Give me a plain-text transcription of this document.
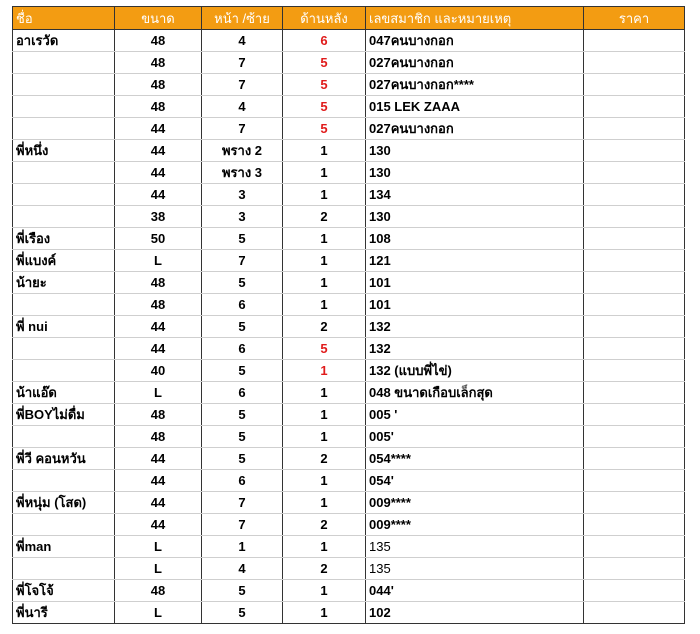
ชื่อ	ขนาด	หน้า /ซ้าย	ด้านหลัง	เลขสมาชิก และหมายเหตุ	ราคา
อาเรวัด	48	4	6	047คนบางกอก	
	48	7	5	027คนบางกอก	
	48	7	5	027คนบางกอก****	
	48	4	5	015 LEK ZAAA	
	44	7	5	027คนบางกอก	
พี่หนึ่ง	44	พราง 2	1	130	
	44	พราง 3	1	130	
	44	3	1	134	
	38	3	2	130	
พี่เรือง	50	5	1	108	
พี่แบงค์	L	7	1	121	
น้ายะ	48	5	1	101	
	48	6	1	101	
พี่ nui	44	5	2	132	
	44	6	5	132	
	40	5	1	132 (แบบพี่ไข่)	
น้าแอ๊ด	L	6	1	048 ขนาดเกือบเล็กสุด	
พี่BOYไม่ดื่ม	48	5	1	005 '	
	48	5	1	005'	
พี่วี คอนหวัน	44	5	2	054****	
	44	6	1	054'	
พี่หนุ่ม (โสด)	44	7	1	009****	
	44	7	2	009****	
พี่man	L	1	1	135	
	L	4	2	135	
พี่โจโจ้	48	5	1	044'	
พี่นารี	L	5	1	102	
